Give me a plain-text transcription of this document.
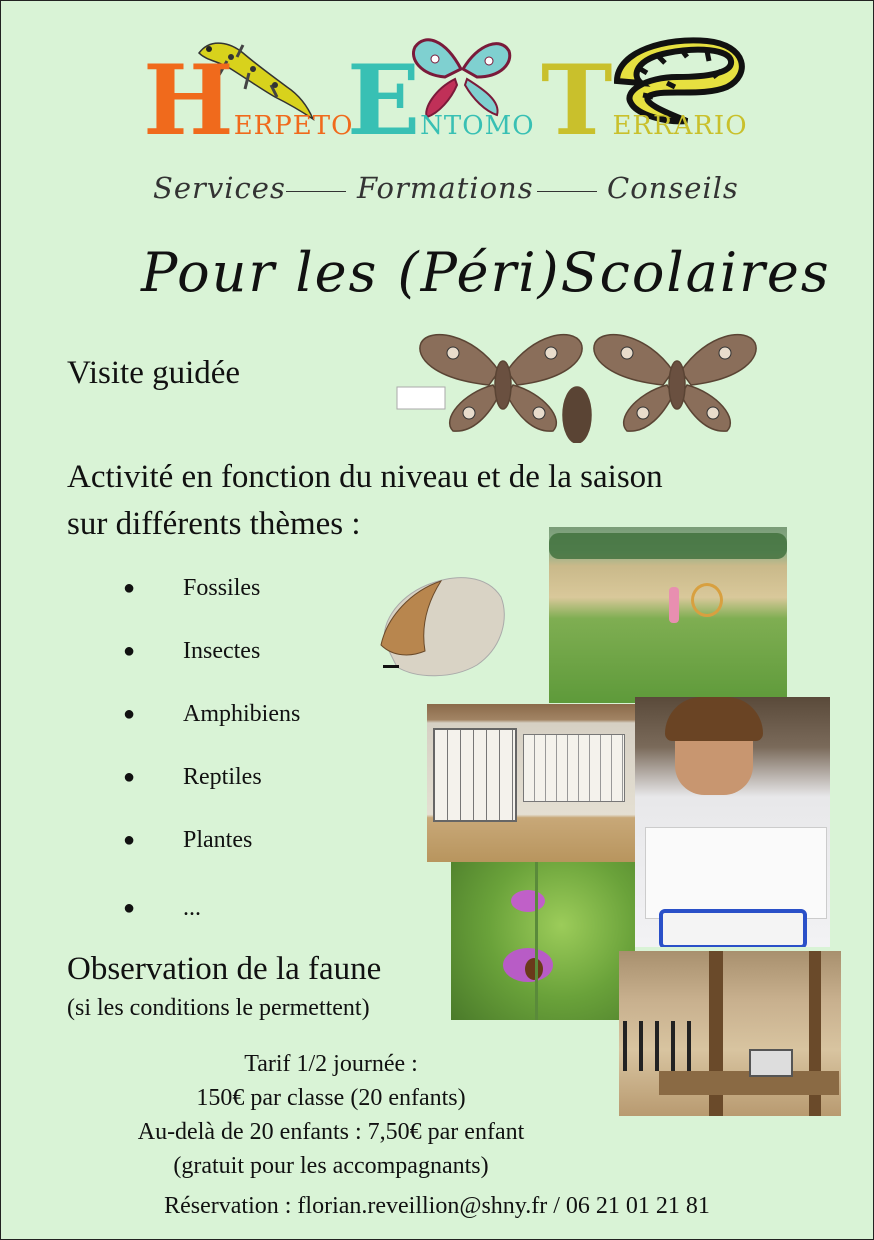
HERPETO
ENTOMO TERRARIO
Services Formations	Conseils
Pour les (Péri)Scolaires
Visite guidée
Activité en fonction du niveau et de la saison
sur différents thèmes :
● Fossiles
● Insectes
● Amphibiens
● Reptiles
● Plantes
● ...
Observation de la faune
(si les conditions le permettent)
Tarif 1/2 journée :
150€ par classe (20 enfants)
Au-delà de 20 enfants : 7,50€ par enfant
(gratuit pour les accompagnants)
Réservation : florian.reveillion@shny.fr / 06 21 01 21 81
